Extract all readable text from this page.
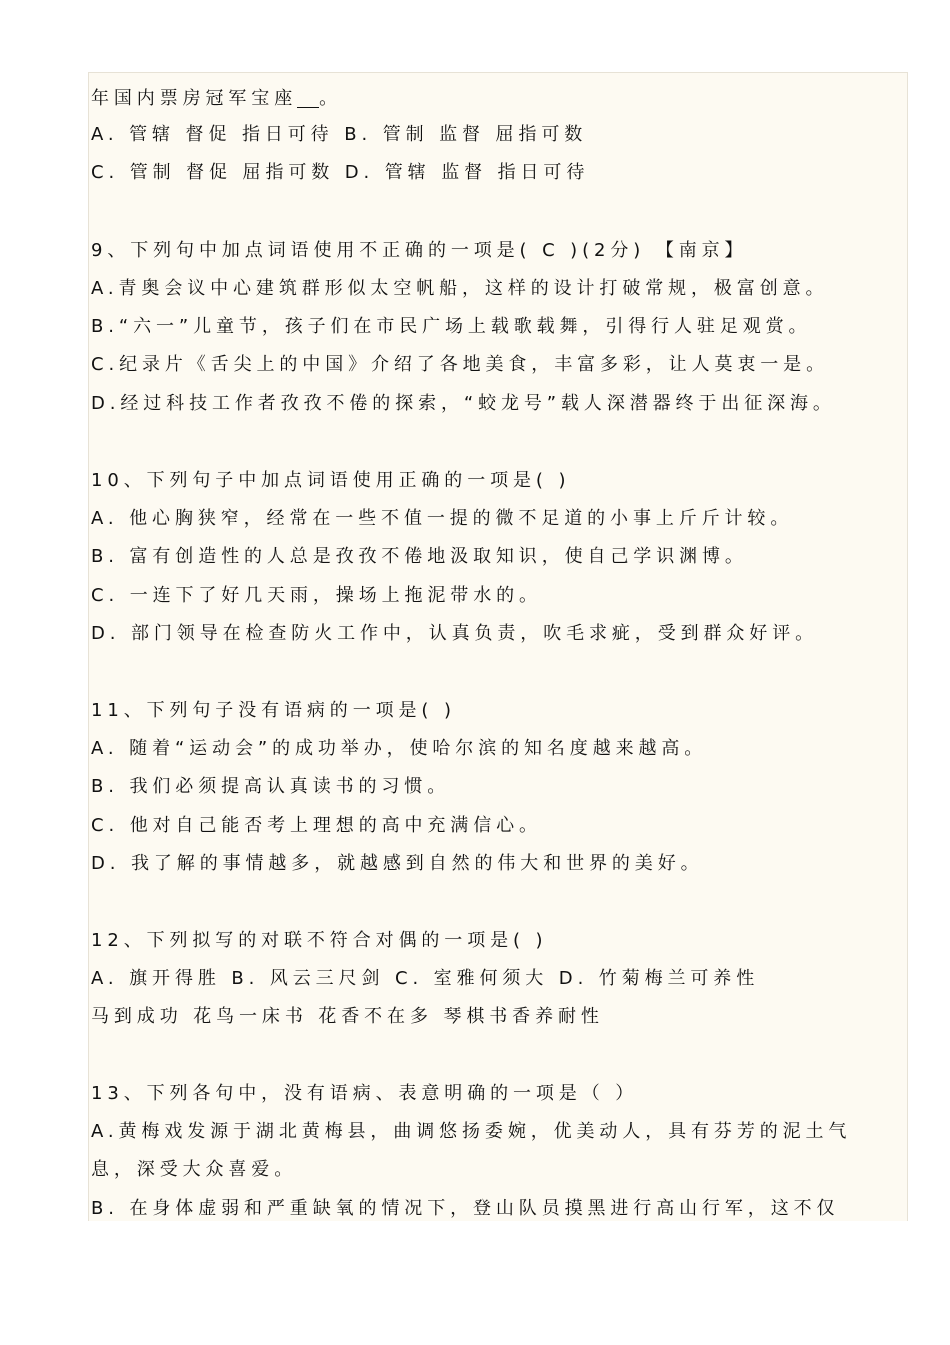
年国内票房冠军宝座 。
A. 管辖 督促 指日可待 B. 管制 监督 屈指可数
C. 管制 督促 屈指可数 D. 管辖 监督 指日可待
9、下列句中加点词语使用不正确的一项是( C )(2分) 【南京】
A.青奥会议中心建筑群形似太空帆船，这样的设计打破常规，极富创意。
B.“六一”儿童节，孩子们在市民广场上载歌载舞，引得行人驻足观赏。
C.纪录片《舌尖上的中国》介绍了各地美食，丰富多彩，让人莫衷一是。
D.经过科技工作者孜孜不倦的探索，“蛟龙号”载人深潜器终于出征深海。
10、下列句子中加点词语使用正确的一项是( )
A. 他心胸狭窄，经常在一些不值一提的微不足道的小事上斤斤计较。
B. 富有创造性的人总是孜孜不倦地汲取知识，使自己学识渊博。
C. 一连下了好几天雨，操场上拖泥带水的。
D. 部门领导在检查防火工作中，认真负责，吹毛求疵，受到群众好评。
11、下列句子没有语病的一项是( )
A. 随着“运动会”的成功举办，使哈尔滨的知名度越来越高。
B. 我们必须提高认真读书的习惯。
C. 他对自己能否考上理想的高中充满信心。
D. 我了解的事情越多，就越感到自然的伟大和世界的美好。
12、下列拟写的对联不符合对偶的一项是( )
A. 旗开得胜 B. 风云三尺剑 C. 室雅何须大 D. 竹菊梅兰可养性
马到成功 花鸟一床书 花香不在多 琴棋书香养耐性
13、下列各句中，没有语病、表意明确的一项是（ ）
A.黄梅戏发源于湖北黄梅县，曲调悠扬委婉，优美动人，具有芬芳的泥土气
息，深受大众喜爱。
B. 在身体虚弱和严重缺氧的情况下，登山队员摸黑进行高山行军，这不仅
